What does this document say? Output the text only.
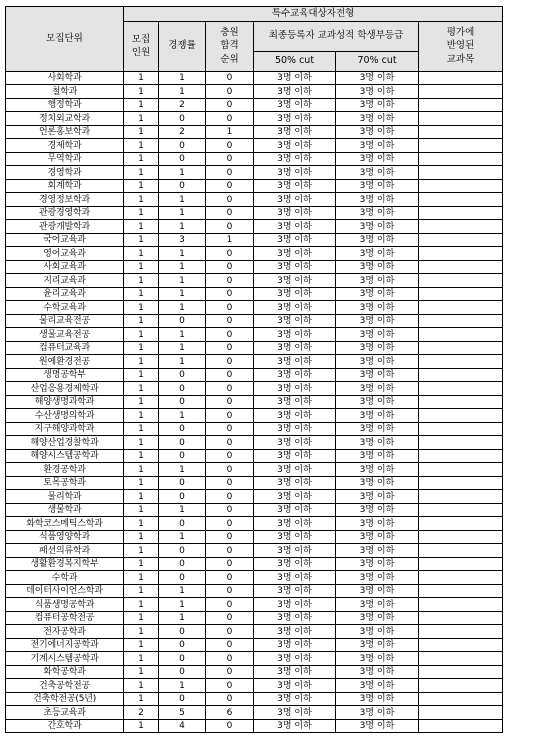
모집단위	특수교육대상자전형					
	모집
인원	경쟁률	충원
합격
순위	최종등록자 교과성적 학생부등급		평가에
반영된
교과목
				50% cut	70% cut	
사회학과	1	1	0	3명 이하	3명 이하	
철학과	1	1	0	3명 이하	3명 이하	
행정학과	1	2	0	3명 이하	3명 이하	
정치외교학과	1	0	0	3명 이하	3명 이하	
언론홍보학과	1	2	1	3명 이하	3명 이하	
경제학과	1	0	0	3명 이하	3명 이하	
무역학과	1	0	0	3명 이하	3명 이하	
경영학과	1	1	0	3명 이하	3명 이하	
회계학과	1	0	0	3명 이하	3명 이하	
경영정보학과	1	1	0	3명 이하	3명 이하	
관광경영학과	1	1	0	3명 이하	3명 이하	
관광개발학과	1	1	0	3명 이하	3명 이하	
국어교육과	1	3	1	3명 이하	3명 이하	
영어교육과	1	1	0	3명 이하	3명 이하	
사회교육과	1	1	0	3명 이하	3명 이하	
지리교육과	1	1	0	3명 이하	3명 이하	
윤리교육과	1	1	0	3명 이하	3명 이하	
수학교육과	1	1	0	3명 이하	3명 이하	
물리교육전공	1	0	0	3명 이하	3명 이하	
생물교육전공	1	1	0	3명 이하	3명 이하	
컴퓨터교육과	1	1	0	3명 이하	3명 이하	
원예환경전공	1	1	0	3명 이하	3명 이하	
생명공학부	1	0	0	3명 이하	3명 이하	
산업응용경제학과	1	0	0	3명 이하	3명 이하	
해양생명과학과	1	0	0	3명 이하	3명 이하	
수산생명의학과	1	1	0	3명 이하	3명 이하	
지구해양과학과	1	0	0	3명 이하	3명 이하	
해양산업경찰학과	1	0	0	3명 이하	3명 이하	
해양시스템공학과	1	0	0	3명 이하	3명 이하	
환경공학과	1	1	0	3명 이하	3명 이하	
토목공학과	1	0	0	3명 이하	3명 이하	
물리학과	1	0	0	3명 이하	3명 이하	
생물학과	1	1	0	3명 이하	3명 이하	
화학코스메틱스학과	1	0	0	3명 이하	3명 이하	
식품영양학과	1	1	0	3명 이하	3명 이하	
패션의류학과	1	0	0	3명 이하	3명 이하	
생활환경복지학부	1	0	0	3명 이하	3명 이하	
수학과	1	0	0	3명 이하	3명 이하	
데이터사이언스학과	1	1	0	3명 이하	3명 이하	
식품생명공학과	1	1	0	3명 이하	3명 이하	
컴퓨터공학전공	1	1	0	3명 이하	3명 이하	
전자공학과	1	0	0	3명 이하	3명 이하	
전기에너지공학과	1	0	0	3명 이하	3명 이하	
기계시스템공학과	1	0	0	3명 이하	3명 이하	
화학공학과	1	0	0	3명 이하	3명 이하	
건축공학전공	1	1	0	3명 이하	3명 이하	
건축학전공(5년)	1	0	0	3명 이하	3명 이하	
초등교육과	2	5	6	3명 이하	3명 이하	
간호학과	1	4	0	3명 이하	3명 이하	
